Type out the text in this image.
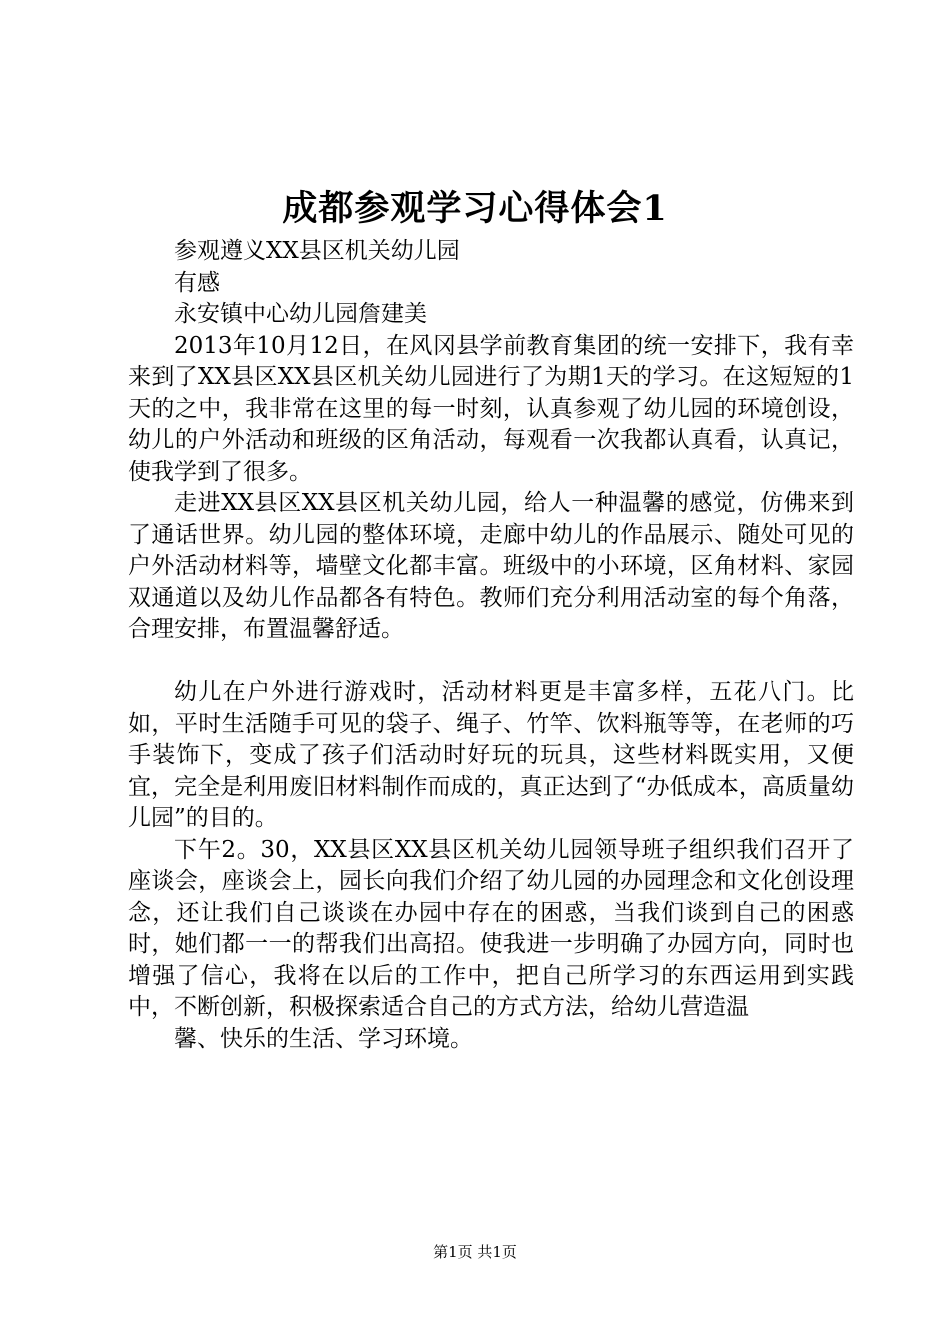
成都参观学习心得体会1

参观遵义XX县区机关幼儿园

有感

永安镇中心幼儿园詹建美

2013年10月12日，在风冈县学前教育集团的统一安排下，我有幸来到了XX县区XX县区机关幼儿园进行了为期1天的学习。在这短短的1天的之中，我非常在这里的每一时刻，认真参观了幼儿园的环境创设，幼儿的户外活动和班级的区角活动，每观看一次我都认真看，认真记，使我学到了很多。

走进XX县区XX县区机关幼儿园，给人一种温馨的感觉，仿佛来到了通话世界。幼儿园的整体环境，走廊中幼儿的作品展示、随处可见的户外活动材料等，墙壁文化都丰富。班级中的小环境，区角材料、家园双通道以及幼儿作品都各有特色。教师们充分利用活动室的每个角落，合理安排，布置温馨舒适。

幼儿在户外进行游戏时，活动材料更是丰富多样，五花八门。比如，平时生活随手可见的袋子、绳子、竹竿、饮料瓶等等，在老师的巧手装饰下，变成了孩子们活动时好玩的玩具，这些材料既实用，又便宜，完全是利用废旧材料制作而成的，真正达到了“办低成本，高质量幼儿园”的目的。

下午2。30，XX县区XX县区机关幼儿园领导班子组织我们召开了座谈会，座谈会上，园长向我们介绍了幼儿园的办园理念和文化创设理念，还让我们自己谈谈在办园中存在的困惑，当我们谈到自己的困惑时，她们都一一的帮我们出高招。使我进一步明确了办园方向，同时也增强了信心，我将在以后的工作中，把自己所学习的东西运用到实践中，不断创新，积极探索适合自己的方式方法，给幼儿营造温

馨、快乐的生活、学习环境。

第1页 共1页
